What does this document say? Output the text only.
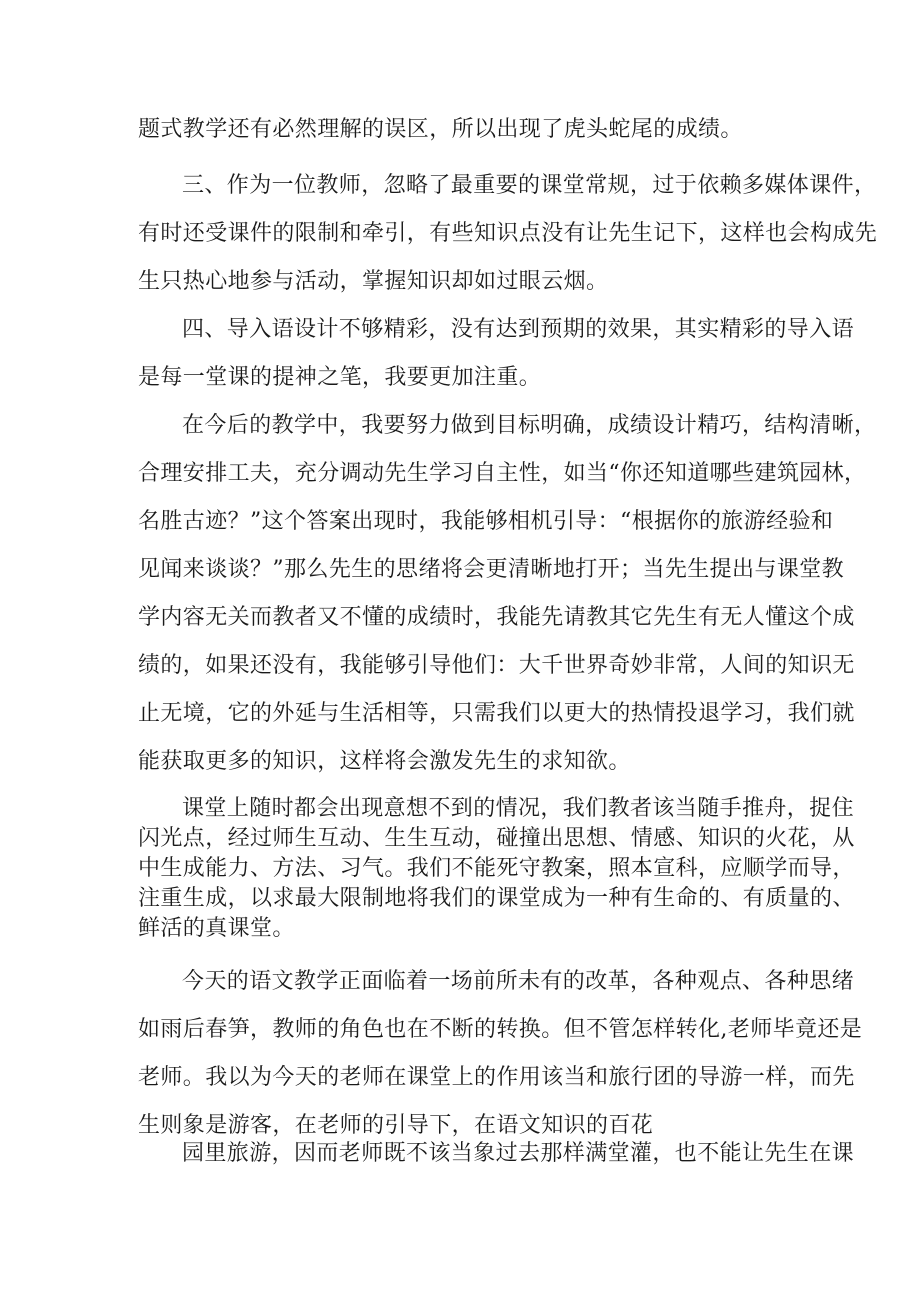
题式教学还有必然理解的误区，所以出现了虎头蛇尾的成绩。
三、作为一位教师，忽略了最重要的课堂常规，过于依赖多媒体课件，
有时还受课件的限制和牵引，有些知识点没有让先生记下，这样也会构成先
生只热心地参与活动，掌握知识却如过眼云烟。
四、导入语设计不够精彩，没有达到预期的效果，其实精彩的导入语
是每一堂课的提神之笔，我要更加注重。
在今后的教学中，我要努力做到目标明确，成绩设计精巧，结构清晰，
合理安排工夫，充分调动先生学习自主性，如当“你还知道哪些建筑园林，
名胜古迹？”这个答案出现时，我能够相机引导：“根据你的旅游经验和
见闻来谈谈？”那么先生的思绪将会更清晰地打开；当先生提出与课堂教
学内容无关而教者又不懂的成绩时，我能先请教其它先生有无人懂这个成
绩的，如果还没有，我能够引导他们：大千世界奇妙非常，人间的知识无
止无境，它的外延与生活相等，只需我们以更大的热情投退学习，我们就
能获取更多的知识，这样将会激发先生的求知欲。
课堂上随时都会出现意想不到的情况，我们教者该当随手推舟，捉住
闪光点，经过师生互动、生生互动，碰撞出思想、情感、知识的火花，从
中生成能力、方法、习气。我们不能死守教案，照本宣科，应顺学而导，
注重生成，以求最大限制地将我们的课堂成为一种有生命的、有质量的、
鲜活的真课堂。
今天的语文教学正面临着一场前所未有的改革，各种观点、各种思绪
如雨后春笋，教师的角色也在不断的转换。但不管怎样转化,老师毕竟还是
老师。我以为今天的老师在课堂上的作用该当和旅行团的导游一样，而先
生则象是游客，在老师的引导下，在语文知识的百花
园里旅游，因而老师既不该当象过去那样满堂灌，也不能让先生在课
